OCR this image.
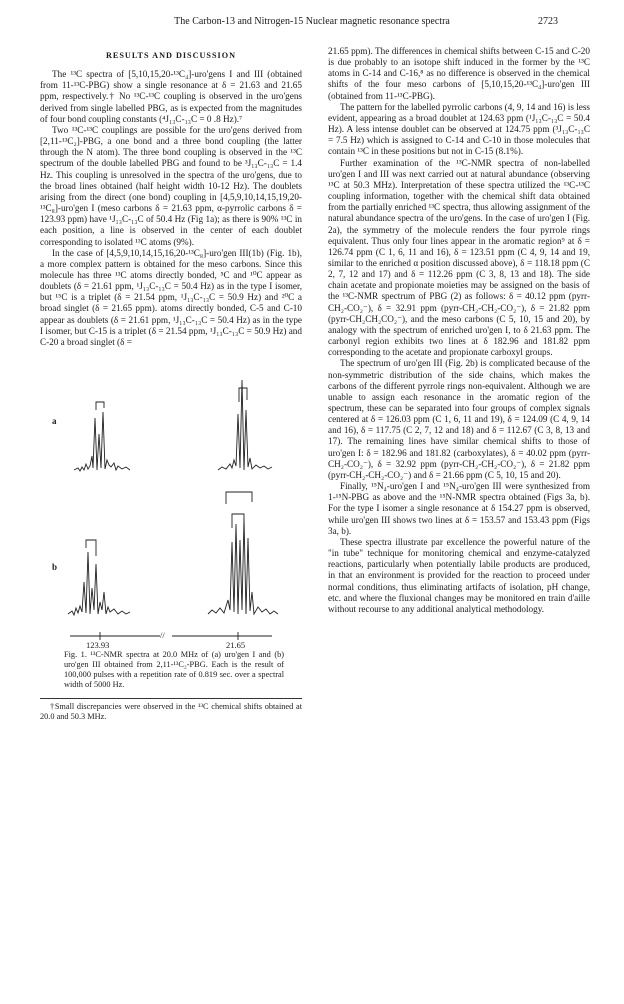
The Carbon-13 and Nitrogen-15 Nuclear magnetic resonance spectra	2723
RESULTS AND DISCUSSION

The ¹³C spectra of [5,10,15,20-¹³C₄]-uro'gens I and III (obtained from 11-¹³C-PBG) show a single resonance at δ = 21.63 and 21.65 ppm, respectively.† No ¹³C-¹³C coupling is observed in the uro'gens derived from single labelled PBG, as is expected from the magnitudes of four bond coupling constants (⁴J₁₃C-₁₃C = 0 .8 Hz).⁷

Two ¹³C-¹³C couplings are possible for the uro'gens derived from [2,11-¹³C₂]-PBG, a one bond and a three bond coupling (the latter through the N atom). The three bond coupling is observed in the ¹³C spectrum of the double labelled PBG and found to be ³J₁₃C-₁₃C = 1.4 Hz. This coupling is unresolved in the spectra of the uro'gens, due to the broad lines obtained (half height width 10-12 Hz). The doublets arising from the direct (one bond) coupling in [4,5,9,10,14,15,19,20-¹³C₈]-uro'gen I (meso carbons δ = 21.63 ppm, α-pyrrolic carbons δ = 123.93 ppm) have ¹J₁₃C-₁₃C of 50.4 Hz (Fig 1a); as there is 90% ¹³C in each position, a line is observed in the center of each doublet corresponding to isolated ¹³C atoms (9%).

In the case of [4,5,9,10,14,15,16,20-¹³C₈]-uro'gen III(1b) (Fig. 1b), a more complex pattern is obtained for the meso carbons. Since this molecule has three ¹³C atoms directly bonded, ⁵C and ¹⁰C appear as doublets (δ = 21.61 ppm, ¹J₁₃C-₁₃C = 50.4 Hz) as in the type I isomer, but ¹⁵C is a triplet (δ = 21.54 ppm, ¹J₁₃C-₁₃C = 50.9 Hz) and ²⁰C a broad singlet (δ = 21.65 ppm). atoms directly bonded, C-5 and C-10 appear as doublets (δ = 21.61 ppm, ¹J₁₃C-₁₃C = 50.4 Hz) as in the type I isomer, but C-15 is a triplet (δ = 21.54 ppm, ¹J₁₃C-₁₃C = 50.9 Hz) and C-20 a broad singlet (δ =

a
b
//
123.93	21.65
Fig. 1. ¹³C-NMR spectra at 20.0 MHz of (a) uro'gen I and (b) uro'gen III obtained from 2,11-¹³C₂-PBG. Each is the result of 100,000 pulses with a repetition rate of 0.819 sec. over a spectral width of 5000 Hz.
†Small discrepancies were observed in the ¹³C chemical shifts obtained at 20.0 and 50.3 MHz.

21.65 ppm). The differences in chemical shifts between C-15 and C-20 is due probably to an isotope shift induced in the former by the ¹³C atoms in C-14 and C-16,⁸ as no difference is observed in the chemical shifts of the four meso carbons of [5,10,15,20-¹³C₄]-uro'gen III (obtained from 11-¹³C-PBG).

The pattern for the labelled pyrrolic carbons (4, 9, 14 and 16) is less evident, appearing as a broad doublet at 124.63 ppm (¹J₁₃C-₁₃C = 50.4 Hz). A less intense doublet can be observed at 124.75 ppm (³J₁₃C-₁₃C = 7.5 Hz) which is assigned to C-14 and C-10 in those molecules that contain ¹³C in these positions but not in C-15 (8.1%).

Further examination of the ¹³C-NMR spectra of non-labelled uro'gen I and III was next carried out at natural abundance (observing ¹³C at 50.3 MHz). Interpretation of these spectra utilized the ¹³C-¹³C coupling information, together with the chemical shift data obtained from the partially enriched ¹³C spectra, thus allowing assignment of the natural abundance spectra of the uro'gens. In the case of uro'gen I (Fig. 2a), the symmetry of the molecule renders the four pyrrole rings equivalent. Thus only four lines appear in the aromatic region⁹ at δ = 126.74 ppm (C 1, 6, 11 and 16), δ = 123.51 ppm (C 4, 9, 14 and 19, similar to the enriched α position discussed above), δ = 118.18 ppm (C 2, 7, 12 and 17) and δ = 112.26 ppm (C 3, 8, 13 and 18). The side chain acetate and propionate moieties may be assigned on the basis of the ¹³C-NMR spectrum of PBG (2) as follows: δ = 40.12 ppm (pyrr-CH₂-CO₂⁻), δ = 32.91 ppm (pyrr-CH₂-CH₂-CO₂⁻), δ = 21.82 ppm (pyrr-CH₂CH₂CO₂⁻), and the meso carbons (C 5, 10, 15 and 20), by analogy with the spectrum of enriched uro'gen I, to δ 21.63 ppm. The carbonyl region exhibits two lines at δ 182.96 and 181.82 ppm corresponding to the acetate and propionate carboxyl groups.

The spectrum of uro'gen III (Fig. 2b) is complicated because of the non-symmetric distribution of the side chains, which makes the carbons of the different pyrrole rings non-equivalent. Although we are unable to assign each resonance in the aromatic region of the spectrum, these can be separated into four groups of complex signals centered at δ = 126.03 ppm (C 1, 6, 11 and 19), δ = 124.09 (C 4, 9, 14 and 16), δ = 117.75 (C 2, 7, 12 and 18) and δ = 112.67 (C 3, 8, 13 and 17). The remaining lines have similar chemical shifts to those of uro'gen I: δ = 182.96 and 181.82 (carboxylates), δ = 40.02 ppm (pyrr-CH₂-CO₂⁻), δ = 32.92 ppm (pyrr-CH₂-CH₂-CO₂⁻), δ = 21.82 ppm (pyrr-CH₂-CH₂-CO₂⁻) and δ = 21.66 ppm (C 5, 10, 15 and 20).

Finally, ¹⁵N₄-uro'gen I and ¹⁵N₄-uro'gen III were synthesized from 1-¹⁵N-PBG as above and the ¹⁵N-NMR spectra obtained (Figs 3a, b). For the type I isomer a single resonance at δ 154.27 ppm is observed, while uro'gen III shows two lines at δ = 153.57 and 153.43 ppm (Figs 3a, b).

These spectra illustrate par excellence the powerful nature of the "in tube" technique for monitoring chemical and enzyme-catalyzed reactions, particularly when potentially labile products are produced, in that an environment is provided for the reaction to proceed under normal conditions, thus eliminating artifacts of isolation, pH change, etc. and where the fluxional changes may be monitored en train d'aille without recourse to any additional analytical methodology.
